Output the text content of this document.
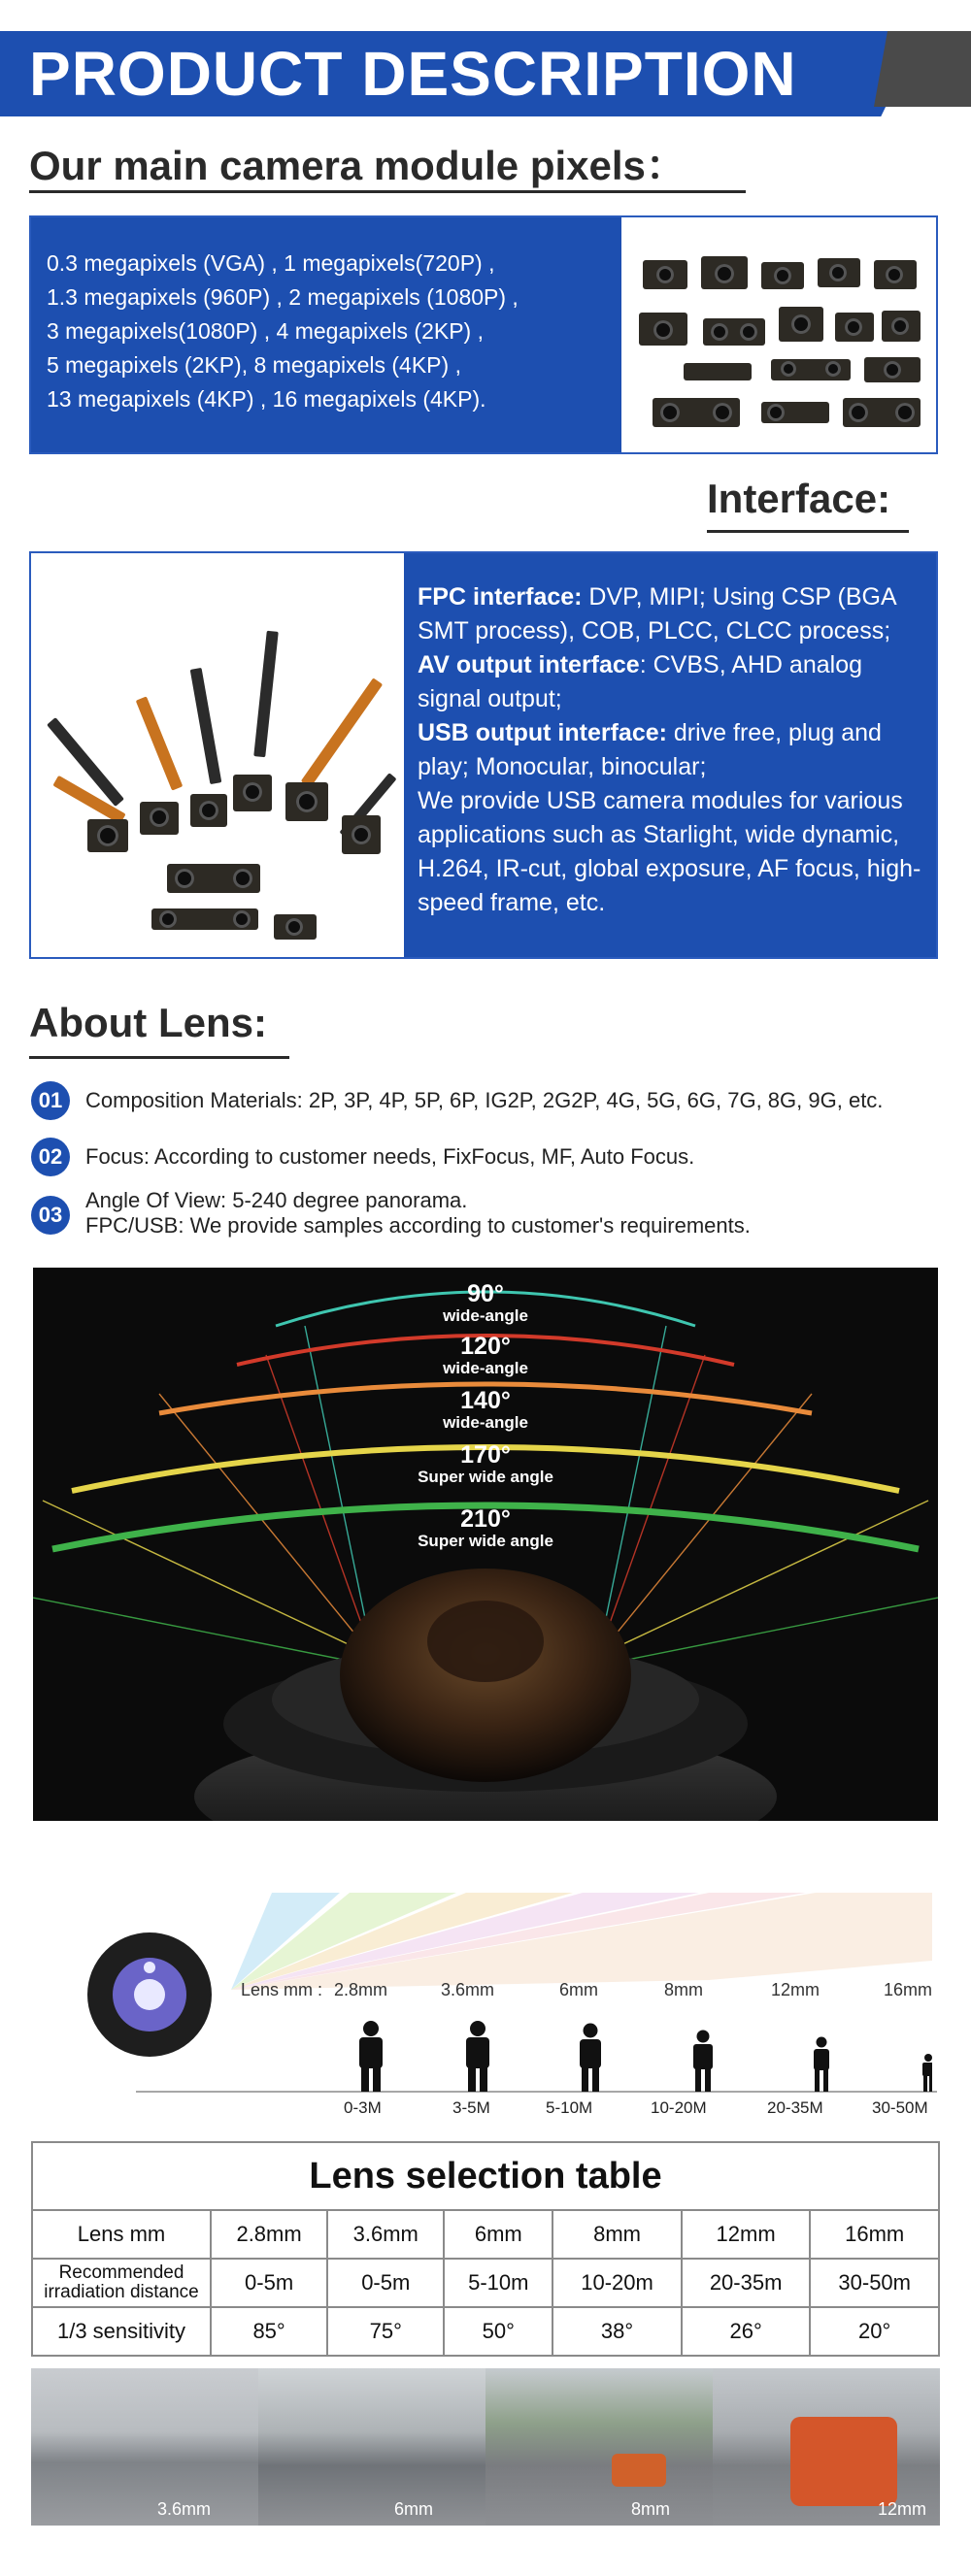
PRODUCT DESCRIPTION
Our main camera module pixels：
0.3 megapixels (VGA) , 1 megapixels(720P) ,
1.3 megapixels (960P) , 2 megapixels (1080P) ,
3 megapixels(1080P) , 4 megapixels (2KP) ,
5 megapixels (2KP), 8 megapixels (4KP) ,
13 megapixels (4KP) , 16 megapixels (4KP).
Interface:
FPC interface: DVP, MIPI; Using CSP (BGA SMT process), COB, PLCC, CLCC process;
AV output interface: CVBS, AHD analog signal output;
USB output interface: drive free, plug and play; Monocular, binocular;
We provide USB camera modules for various applications such as Starlight, wide dynamic, H.264, IR-cut, global exposure, AF focus, high-speed frame, etc.
About Lens:
01	Composition Materials: 2P, 3P, 4P, 5P, 6P, IG2P, 2G2P, 4G, 5G, 6G, 7G, 8G, 9G, etc.
02	Focus: According to customer needs, FixFocus, MF, Auto Focus.
03
Angle Of View: 5-240 degree panorama.
FPC/USB: We provide samples according to customer's requirements.
90°
wide-angle
120°
wide-angle
140°
wide-angle
170°
Super wide angle
210°
Super wide angle
Lens mm : 2.8mm	3.6mm	6mm	8mm	12mm	16mm
0-3M	3-5M	5-10M	10-20M	20-35M	30-50M
Lens selection table						
Lens mm	2.8mm	3.6mm	6mm	8mm	12mm	16mm
Recommended irradiation distance	0-5m	0-5m	5-10m	10-20m	20-35m	30-50m
1/3 sensitivity	85°	75°	50°	38°	26°	20°
3.6mm	6mm	8mm	12mm
